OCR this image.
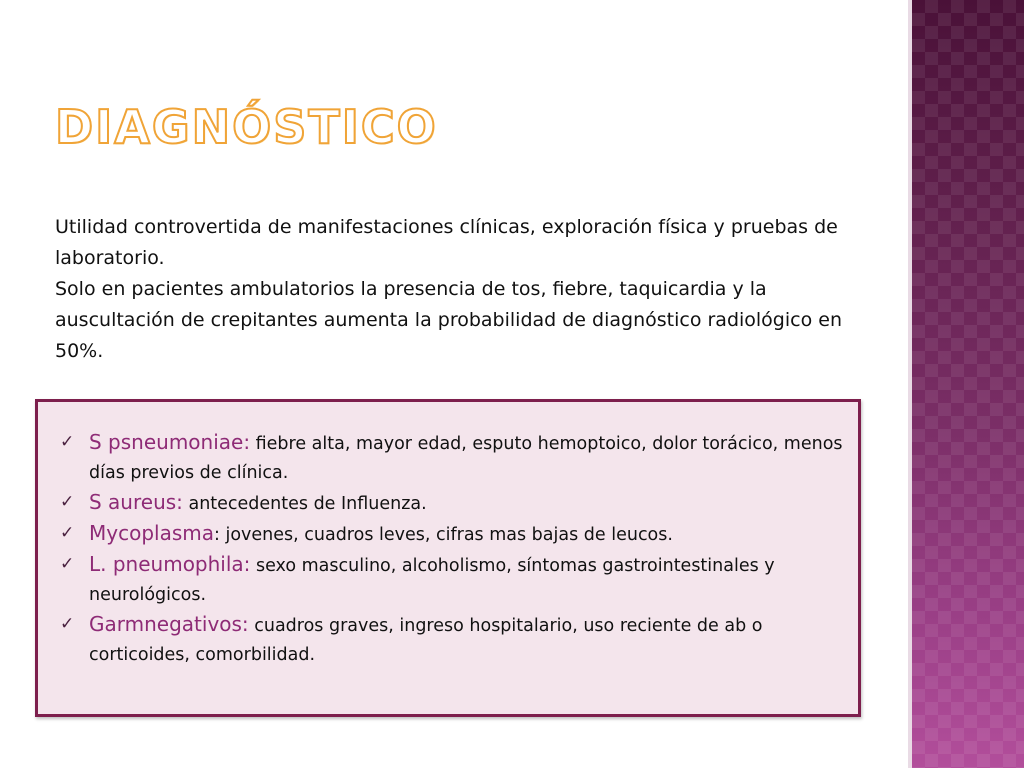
DIAGNÓSTICO

Utilidad controvertida de manifestaciones clínicas, exploración física y pruebas de laboratorio.

Solo en pacientes ambulatorios la presencia de tos, fiebre, taquicardia y la auscultación de crepitantes aumenta la probabilidad de diagnóstico radiológico en 50%.

✓ S psneumoniae: fiebre alta, mayor edad, esputo hemoptoico, dolor torácico, menos días previos de clínica.
✓ S aureus: antecedentes de Influenza.
✓ Mycoplasma: jovenes, cuadros leves, cifras mas bajas de leucos.
✓ L. pneumophila: sexo masculino, alcoholismo, síntomas gastrointestinales y neurológicos.
✓ Garmnegativos: cuadros graves, ingreso hospitalario, uso reciente de ab o corticoides, comorbilidad.
